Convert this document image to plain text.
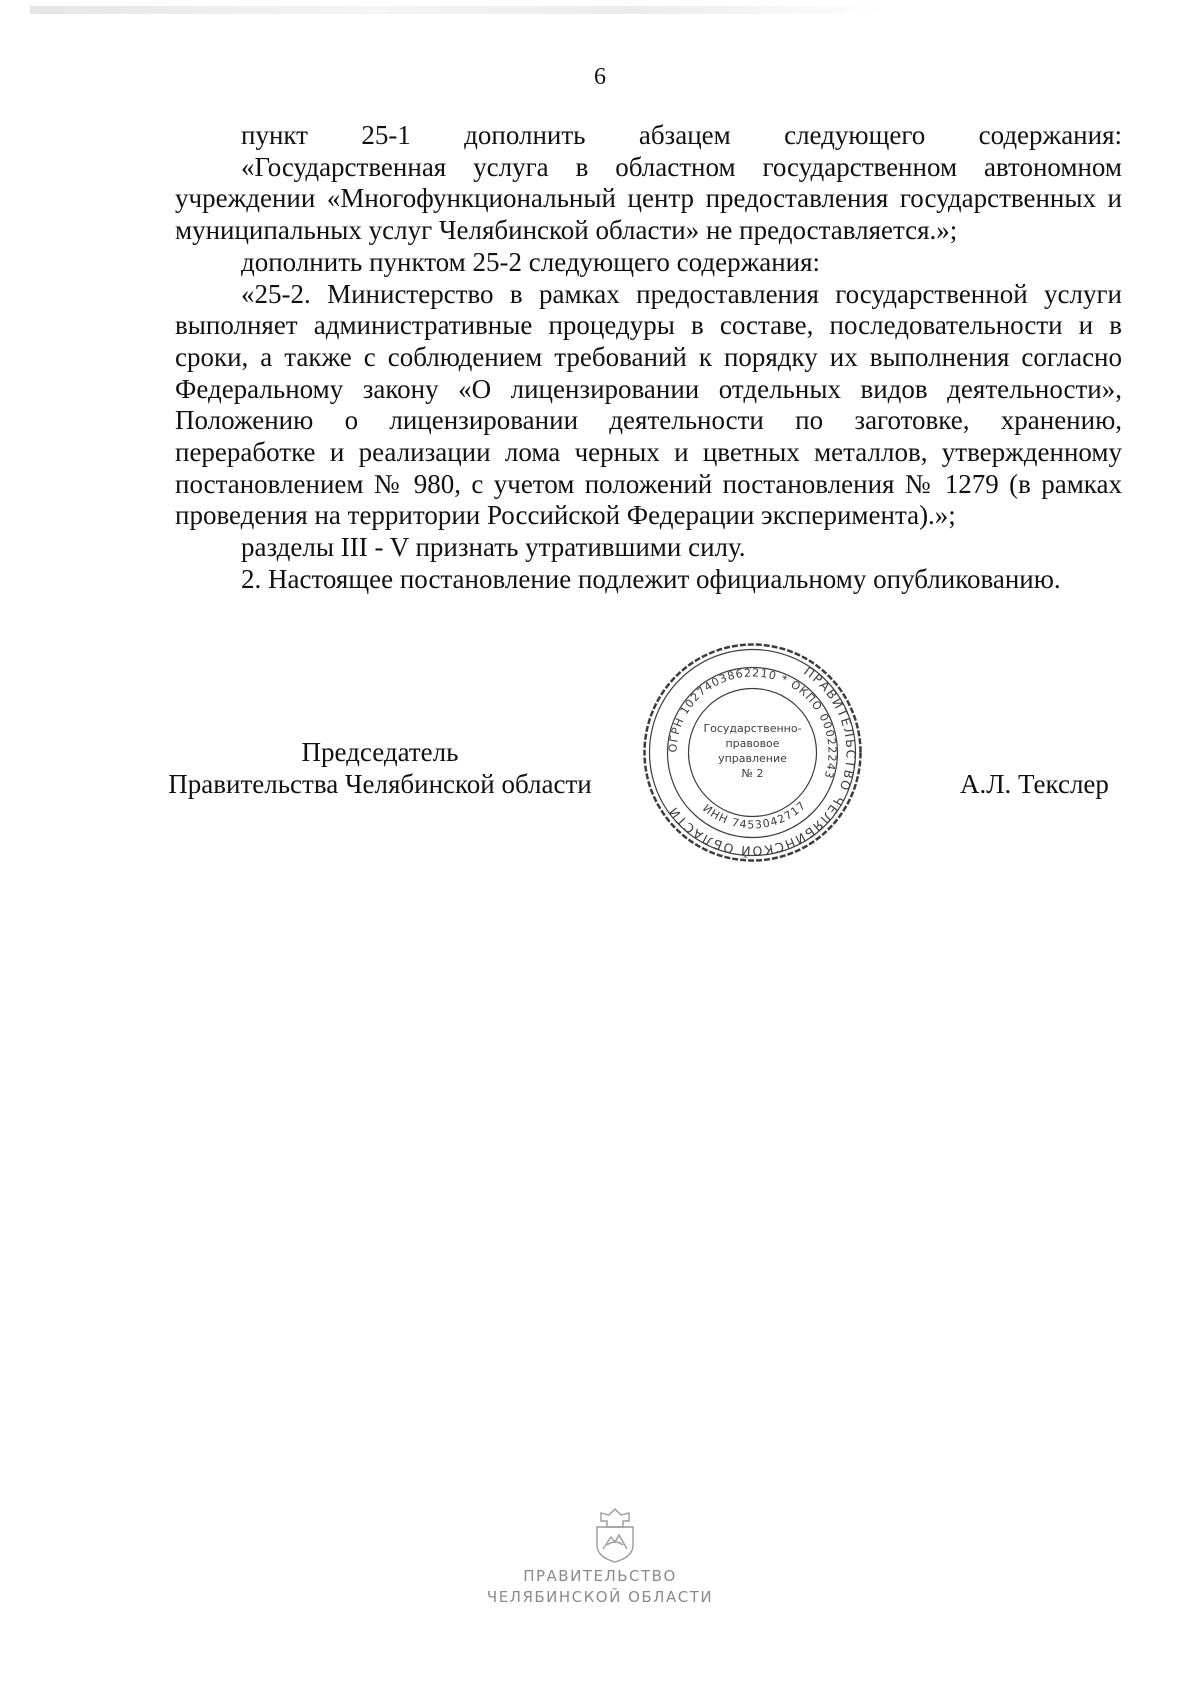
6

пункт 25-1 дополнить абзацем следующего содержания:

«Государственная услуга в областном государственном автономном учреждении «Многофункциональный центр предоставления государственных и муниципальных услуг Челябинской области» не предоставляется.»;

дополнить пунктом 25-2 следующего содержания:

«25-2. Министерство в рамках предоставления государственной услуги выполняет административные процедуры в составе, последовательности и в сроки, а также с соблюдением требований к порядку их выполнения согласно Федеральному закону «О лицензировании отдельных видов деятельности», Положению о лицензировании деятельности по заготовке, хранению, переработке и реализации лома черных и цветных металлов, утвержденному постановлением № 980, с учетом положений постановления № 1279 (в рамках проведения на территории Российской Федерации эксперимента).»;

разделы III - V признать утратившими силу.

2. Настоящее постановление подлежит официальному опубликованию.

Председатель
Правительства Челябинской области	А.Л. Текслер
ПРАВИТЕЛЬСТВО ЧЕЛЯБИНСКОЙ ОБЛАСТИ
ОГРН 1027403862210 * ОКПО 00022243
ИНН 7453042717
Государственно-
правовое
управление
№ 2
ПРАВИТЕЛЬСТВО
ЧЕЛЯБИНСКОЙ ОБЛАСТИ
